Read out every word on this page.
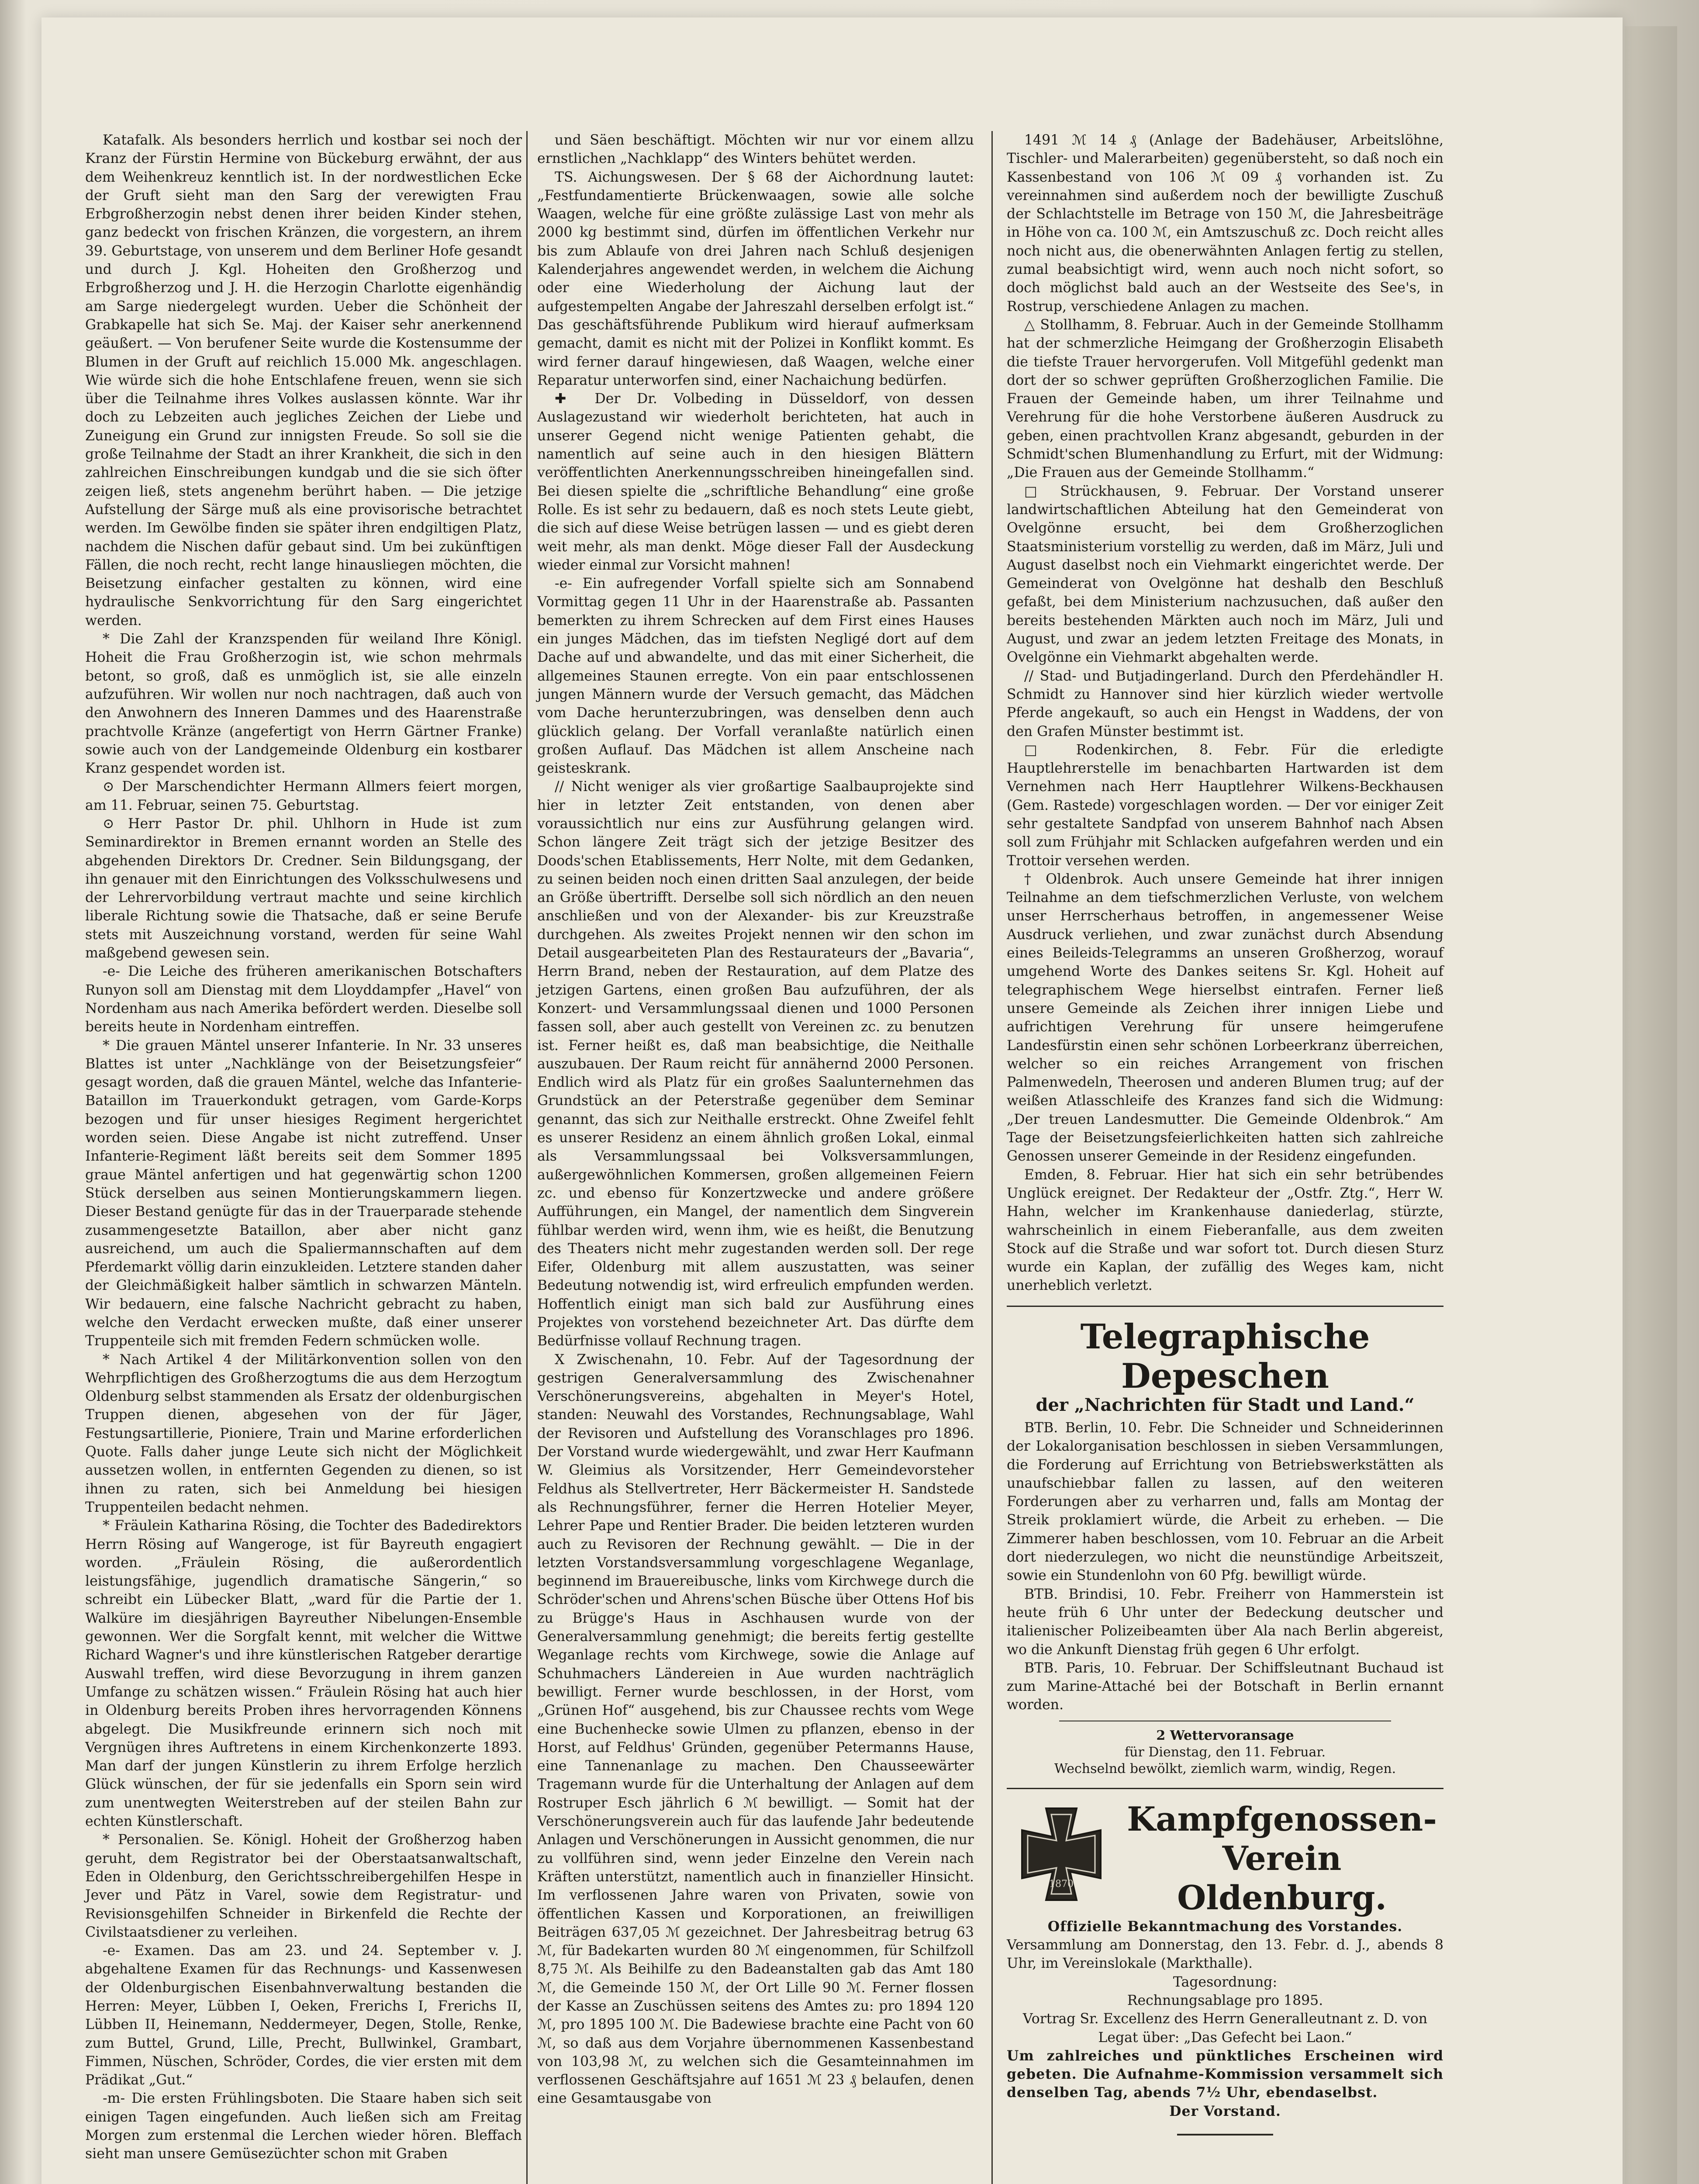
Katafalk. Als besonders herrlich und kostbar sei noch der Kranz der Fürstin Hermine von Bückeburg erwähnt, der aus dem Weihenkreuz kenntlich ist. In der nordwestlichen Ecke der Gruft sieht man den Sarg der verewigten Frau Erbgroßherzogin nebst denen ihrer beiden Kinder stehen, ganz bedeckt von frischen Kränzen, die vorgestern, an ihrem 39. Geburtstage, von unserem und dem Berliner Hofe gesandt und durch J. Kgl. Hoheiten den Großherzog und Erbgroßherzog und J. H. die Herzogin Charlotte eigenhändig am Sarge niedergelegt wurden. Ueber die Schönheit der Grabkapelle hat sich Se. Maj. der Kaiser sehr anerkennend geäußert. — Von berufener Seite wurde die Kostensumme der Blumen in der Gruft auf reichlich 15.000 Mk. angeschlagen. Wie würde sich die hohe Entschlafene freuen, wenn sie sich über die Teilnahme ihres Volkes auslassen könnte. War ihr doch zu Lebzeiten auch jegliches Zeichen der Liebe und Zuneigung ein Grund zur innigsten Freude. So soll sie die große Teilnahme der Stadt an ihrer Krankheit, die sich in den zahlreichen Einschreibungen kundgab und die sie sich öfter zeigen ließ, stets angenehm berührt haben. — Die jetzige Aufstellung der Särge muß als eine provisorische betrachtet werden. Im Gewölbe finden sie später ihren endgiltigen Platz, nachdem die Nischen dafür gebaut sind. Um bei zukünftigen Fällen, die noch recht, recht lange hinausliegen möchten, die Beisetzung einfacher gestalten zu können, wird eine hydraulische Senkvorrichtung für den Sarg eingerichtet werden.

* Die Zahl der Kranzspenden für weiland Ihre Königl. Hoheit die Frau Großherzogin ist, wie schon mehrmals betont, so groß, daß es unmöglich ist, sie alle einzeln aufzuführen. Wir wollen nur noch nachtragen, daß auch von den Anwohnern des Inneren Dammes und des Haarenstraße prachtvolle Kränze (angefertigt von Herrn Gärtner Franke) sowie auch von der Landgemeinde Oldenburg ein kostbarer Kranz gespendet worden ist.

⊙ Der Marschendichter Hermann Allmers feiert morgen, am 11. Februar, seinen 75. Geburtstag.

⊙ Herr Pastor Dr. phil. Uhlhorn in Hude ist zum Seminardirektor in Bremen ernannt worden an Stelle des abgehenden Direktors Dr. Credner. Sein Bildungsgang, der ihn genauer mit den Einrichtungen des Volksschulwesens und der Lehrervorbildung vertraut machte und seine kirchlich liberale Richtung sowie die Thatsache, daß er seine Berufe stets mit Auszeichnung vorstand, werden für seine Wahl maßgebend gewesen sein.

-e- Die Leiche des früheren amerikanischen Botschafters Runyon soll am Dienstag mit dem Lloyddampfer „Havel“ von Nordenham aus nach Amerika befördert werden. Dieselbe soll bereits heute in Nordenham eintreffen.

* Die grauen Mäntel unserer Infanterie. In Nr. 33 unseres Blattes ist unter „Nachklänge von der Beisetzungsfeier“ gesagt worden, daß die grauen Mäntel, welche das Infanterie-Bataillon im Trauerkondukt getragen, vom Garde-Korps bezogen und für unser hiesiges Regiment hergerichtet worden seien. Diese Angabe ist nicht zutreffend. Unser Infanterie-Regiment läßt bereits seit dem Sommer 1895 graue Mäntel anfertigen und hat gegenwärtig schon 1200 Stück derselben aus seinen Montierungskammern liegen. Dieser Bestand genügte für das in der Trauerparade stehende zusammengesetzte Bataillon, aber aber nicht ganz ausreichend, um auch die Spaliermannschaften auf dem Pferdemarkt völlig darin einzukleiden. Letztere standen daher der Gleichmäßigkeit halber sämtlich in schwarzen Mänteln. Wir bedauern, eine falsche Nachricht gebracht zu haben, welche den Verdacht erwecken mußte, daß einer unserer Truppenteile sich mit fremden Federn schmücken wolle.

* Nach Artikel 4 der Militärkonvention sollen von den Wehrpflichtigen des Großherzogtums die aus dem Herzogtum Oldenburg selbst stammenden als Ersatz der oldenburgischen Truppen dienen, abgesehen von der für Jäger, Festungsartillerie, Pioniere, Train und Marine erforderlichen Quote. Falls daher junge Leute sich nicht der Möglichkeit aussetzen wollen, in entfernten Gegenden zu dienen, so ist ihnen zu raten, sich bei Anmeldung bei hiesigen Truppenteilen bedacht nehmen.

* Fräulein Katharina Rösing, die Tochter des Badedirektors Herrn Rösing auf Wangeroge, ist für Bayreuth engagiert worden. „Fräulein Rösing, die außerordentlich leistungsfähige, jugendlich dramatische Sängerin,“ so schreibt ein Lübecker Blatt, „ward für die Partie der 1. Walküre im diesjährigen Bayreuther Nibelungen-Ensemble gewonnen. Wer die Sorgfalt kennt, mit welcher die Wittwe Richard Wagner's und ihre künstlerischen Ratgeber derartige Auswahl treffen, wird diese Bevorzugung in ihrem ganzen Umfange zu schätzen wissen.“ Fräulein Rösing hat auch hier in Oldenburg bereits Proben ihres hervorragenden Könnens abgelegt. Die Musikfreunde erinnern sich noch mit Vergnügen ihres Auftretens in einem Kirchenkonzerte 1893. Man darf der jungen Künstlerin zu ihrem Erfolge herzlich Glück wünschen, der für sie jedenfalls ein Sporn sein wird zum unentwegten Weiterstreben auf der steilen Bahn zur echten Künstlerschaft.

* Personalien. Se. Königl. Hoheit der Großherzog haben geruht, dem Registrator bei der Oberstaatsanwaltschaft, Eden in Oldenburg, den Gerichtsschreibergehilfen Hespe in Jever und Pätz in Varel, sowie dem Registratur- und Revisionsgehilfen Schneider in Birkenfeld die Rechte der Civilstaatsdiener zu verleihen.

-e- Examen. Das am 23. und 24. September v. J. abgehaltene Examen für das Rechnungs- und Kassenwesen der Oldenburgischen Eisenbahnverwaltung bestanden die Herren: Meyer, Lübben I, Oeken, Frerichs I, Frerichs II, Lübben II, Heinemann, Neddermeyer, Degen, Stolle, Renke, zum Buttel, Grund, Lille, Precht, Bullwinkel, Grambart, Fimmen, Nüschen, Schröder, Cordes, die vier ersten mit dem Prädikat „Gut.“

-m- Die ersten Frühlingsboten. Die Staare haben sich seit einigen Tagen eingefunden. Auch ließen sich am Freitag Morgen zum erstenmal die Lerchen wieder hören. Bleffach sieht man unsere Gemüsezüchter schon mit Graben

und Säen beschäftigt. Möchten wir nur vor einem allzu ernstlichen „Nachklapp“ des Winters behütet werden.

TS. Aichungswesen. Der § 68 der Aichordnung lautet: „Festfundamentierte Brückenwaagen, sowie alle solche Waagen, welche für eine größte zulässige Last von mehr als 2000 kg bestimmt sind, dürfen im öffentlichen Verkehr nur bis zum Ablaufe von drei Jahren nach Schluß desjenigen Kalenderjahres angewendet werden, in welchem die Aichung oder eine Wiederholung der Aichung laut der aufgestempelten Angabe der Jahreszahl derselben erfolgt ist.“ Das geschäftsführende Publikum wird hierauf aufmerksam gemacht, damit es nicht mit der Polizei in Konflikt kommt. Es wird ferner darauf hingewiesen, daß Waagen, welche einer Reparatur unterworfen sind, einer Nachaichung bedürfen.

✚ Der Dr. Volbeding in Düsseldorf, von dessen Auslagezustand wir wiederholt berichteten, hat auch in unserer Gegend nicht wenige Patienten gehabt, die namentlich auf seine auch in den hiesigen Blättern veröffentlichten Anerkennungsschreiben hineingefallen sind. Bei diesen spielte die „schriftliche Behandlung“ eine große Rolle. Es ist sehr zu bedauern, daß es noch stets Leute giebt, die sich auf diese Weise betrügen lassen — und es giebt deren weit mehr, als man denkt. Möge dieser Fall der Ausdeckung wieder einmal zur Vorsicht mahnen!

-e- Ein aufregender Vorfall spielte sich am Sonnabend Vormittag gegen 11 Uhr in der Haarenstraße ab. Passanten bemerkten zu ihrem Schrecken auf dem First eines Hauses ein junges Mädchen, das im tiefsten Negligé dort auf dem Dache auf und abwandelte, und das mit einer Sicherheit, die allgemeines Staunen erregte. Von ein paar entschlossenen jungen Männern wurde der Versuch gemacht, das Mädchen vom Dache herunterzubringen, was denselben denn auch glücklich gelang. Der Vorfall veranlaßte natürlich einen großen Auflauf. Das Mädchen ist allem Anscheine nach geisteskrank.

// Nicht weniger als vier großartige Saalbauprojekte sind hier in letzter Zeit entstanden, von denen aber voraussichtlich nur eins zur Ausführung gelangen wird. Schon längere Zeit trägt sich der jetzige Besitzer des Doods'schen Etablissements, Herr Nolte, mit dem Gedanken, zu seinen beiden noch einen dritten Saal anzulegen, der beide an Größe übertrifft. Derselbe soll sich nördlich an den neuen anschließen und von der Alexander- bis zur Kreuzstraße durchgehen. Als zweites Projekt nennen wir den schon im Detail ausgearbeiteten Plan des Restaurateurs der „Bavaria“, Herrn Brand, neben der Restauration, auf dem Platze des jetzigen Gartens, einen großen Bau aufzuführen, der als Konzert- und Versammlungssaal dienen und 1000 Personen fassen soll, aber auch gestellt von Vereinen zc. zu benutzen ist. Ferner heißt es, daß man beabsichtige, die Neithalle auszubauen. Der Raum reicht für annähernd 2000 Personen. Endlich wird als Platz für ein großes Saalunternehmen das Grundstück an der Peterstraße gegenüber dem Seminar genannt, das sich zur Neithalle erstreckt. Ohne Zweifel fehlt es unserer Residenz an einem ähnlich großen Lokal, einmal als Versammlungssaal bei Volksversammlungen, außergewöhnlichen Kommersen, großen allgemeinen Feiern zc. und ebenso für Konzertzwecke und andere größere Aufführungen, ein Mangel, der namentlich dem Singverein fühlbar werden wird, wenn ihm, wie es heißt, die Benutzung des Theaters nicht mehr zugestanden werden soll. Der rege Eifer, Oldenburg mit allem auszustatten, was seiner Bedeutung notwendig ist, wird erfreulich empfunden werden. Hoffentlich einigt man sich bald zur Ausführung eines Projektes von vorstehend bezeichneter Art. Das dürfte dem Bedürfnisse vollauf Rechnung tragen.

X Zwischenahn, 10. Febr. Auf der Tagesordnung der gestrigen Generalversammlung des Zwischenahner Verschönerungsvereins, abgehalten in Meyer's Hotel, standen: Neuwahl des Vorstandes, Rechnungsablage, Wahl der Revisoren und Aufstellung des Voranschlages pro 1896. Der Vorstand wurde wiedergewählt, und zwar Herr Kaufmann W. Gleimius als Vorsitzender, Herr Gemeindevorsteher Feldhus als Stellvertreter, Herr Bäckermeister H. Sandstede als Rechnungsführer, ferner die Herren Hotelier Meyer, Lehrer Pape und Rentier Brader. Die beiden letzteren wurden auch zu Revisoren der Rechnung gewählt. — Die in der letzten Vorstandsversammlung vorgeschlagene Weganlage, beginnend im Brauereibusche, links vom Kirchwege durch die Schröder'schen und Ahrens'schen Büsche über Ottens Hof bis zu Brügge's Haus in Aschhausen wurde von der Generalversammlung genehmigt; die bereits fertig gestellte Weganlage rechts vom Kirchwege, sowie die Anlage auf Schuhmachers Ländereien in Aue wurden nachträglich bewilligt. Ferner wurde beschlossen, in der Horst, vom „Grünen Hof“ ausgehend, bis zur Chaussee rechts vom Wege eine Buchenhecke sowie Ulmen zu pflanzen, ebenso in der Horst, auf Feldhus' Gründen, gegenüber Petermanns Hause, eine Tannenanlage zu machen. Den Chausseewärter Tragemann wurde für die Unterhaltung der Anlagen auf dem Rostruper Esch jährlich 6 ℳ bewilligt. — Somit hat der Verschönerungsverein auch für das laufende Jahr bedeutende Anlagen und Verschönerungen in Aussicht genommen, die nur zu vollführen sind, wenn jeder Einzelne den Verein nach Kräften unterstützt, namentlich auch in finanzieller Hinsicht. Im verflossenen Jahre waren von Privaten, sowie von öffentlichen Kassen und Korporationen, an freiwilligen Beiträgen 637,05 ℳ gezeichnet. Der Jahresbeitrag betrug 63 ℳ, für Badekarten wurden 80 ℳ eingenommen, für Schilfzoll 8,75 ℳ. Als Beihilfe zu den Badeanstalten gab das Amt 180 ℳ, die Gemeinde 150 ℳ, der Ort Lille 90 ℳ. Ferner flossen der Kasse an Zuschüssen seitens des Amtes zu: pro 1894 120 ℳ, pro 1895 100 ℳ. Die Badewiese brachte eine Pacht von 60 ℳ, so daß aus dem Vorjahre übernommenen Kassenbestand von 103,98 ℳ, zu welchen sich die Gesamteinnahmen im verflossenen Geschäftsjahre auf 1651 ℳ 23 ₰ belaufen, denen eine Gesamtausgabe von

1491 ℳ 14 ₰ (Anlage der Badehäuser, Arbeitslöhne, Tischler- und Malerarbeiten) gegenübersteht, so daß noch ein Kassenbestand von 106 ℳ 09 ₰ vorhanden ist. Zu vereinnahmen sind außerdem noch der bewilligte Zuschuß der Schlachtstelle im Betrage von 150 ℳ, die Jahresbeiträge in Höhe von ca. 100 ℳ, ein Amtszuschuß zc. Doch reicht alles noch nicht aus, die obenerwähnten Anlagen fertig zu stellen, zumal beabsichtigt wird, wenn auch noch nicht sofort, so doch möglichst bald auch an der Westseite des See's, in Rostrup, verschiedene Anlagen zu machen.

△ Stollhamm, 8. Februar. Auch in der Gemeinde Stollhamm hat der schmerzliche Heimgang der Großherzogin Elisabeth die tiefste Trauer hervorgerufen. Voll Mitgefühl gedenkt man dort der so schwer geprüften Großherzoglichen Familie. Die Frauen der Gemeinde haben, um ihrer Teilnahme und Verehrung für die hohe Verstorbene äußeren Ausdruck zu geben, einen prachtvollen Kranz abgesandt, geburden in der Schmidt'schen Blumenhandlung zu Erfurt, mit der Widmung: „Die Frauen aus der Gemeinde Stollhamm.“

□ Strückhausen, 9. Februar. Der Vorstand unserer landwirtschaftlichen Abteilung hat den Gemeinderat von Ovelgönne ersucht, bei dem Großherzoglichen Staatsministerium vorstellig zu werden, daß im März, Juli und August daselbst noch ein Viehmarkt eingerichtet werde. Der Gemeinderat von Ovelgönne hat deshalb den Beschluß gefaßt, bei dem Ministerium nachzusuchen, daß außer den bereits bestehenden Märkten auch noch im März, Juli und August, und zwar an jedem letzten Freitage des Monats, in Ovelgönne ein Viehmarkt abgehalten werde.

// Stad- und Butjadingerland. Durch den Pferdehändler H. Schmidt zu Hannover sind hier kürzlich wieder wertvolle Pferde angekauft, so auch ein Hengst in Waddens, der von den Grafen Münster bestimmt ist.

□ Rodenkirchen, 8. Febr. Für die erledigte Hauptlehrerstelle im benachbarten Hartwarden ist dem Vernehmen nach Herr Hauptlehrer Wilkens-Beckhausen (Gem. Rastede) vorgeschlagen worden. — Der vor einiger Zeit sehr gestaltete Sandpfad von unserem Bahnhof nach Absen soll zum Frühjahr mit Schlacken aufgefahren werden und ein Trottoir versehen werden.

† Oldenbrok. Auch unsere Gemeinde hat ihrer innigen Teilnahme an dem tiefschmerzlichen Verluste, von welchem unser Herrscherhaus betroffen, in angemessener Weise Ausdruck verliehen, und zwar zunächst durch Absendung eines Beileids-Telegramms an unseren Großherzog, worauf umgehend Worte des Dankes seitens Sr. Kgl. Hoheit auf telegraphischem Wege hierselbst eintrafen. Ferner ließ unsere Gemeinde als Zeichen ihrer innigen Liebe und aufrichtigen Verehrung für unsere heimgerufene Landesfürstin einen sehr schönen Lorbeerkranz überreichen, welcher so ein reiches Arrangement von frischen Palmenwedeln, Theerosen und anderen Blumen trug; auf der weißen Atlasschleife des Kranzes fand sich die Widmung: „Der treuen Landesmutter. Die Gemeinde Oldenbrok.“ Am Tage der Beisetzungsfeierlichkeiten hatten sich zahlreiche Genossen unserer Gemeinde in der Residenz eingefunden.

Emden, 8. Februar. Hier hat sich ein sehr betrübendes Unglück ereignet. Der Redakteur der „Ostfr. Ztg.“, Herr W. Hahn, welcher im Krankenhause daniederlag, stürzte, wahrscheinlich in einem Fieberanfalle, aus dem zweiten Stock auf die Straße und war sofort tot. Durch diesen Sturz wurde ein Kaplan, der zufällig des Weges kam, nicht unerheblich verletzt.

Telegraphische Depeschen

der „Nachrichten für Stadt und Land.“

BTB. Berlin, 10. Febr. Die Schneider und Schneiderinnen der Lokalorganisation beschlossen in sieben Versammlungen, die Forderung auf Errichtung von Betriebswerkstätten als unaufschiebbar fallen zu lassen, auf den weiteren Forderungen aber zu verharren und, falls am Montag der Streik proklamiert würde, die Arbeit zu erheben. — Die Zimmerer haben beschlossen, vom 10. Februar an die Arbeit dort niederzulegen, wo nicht die neunstündige Arbeitszeit, sowie ein Stundenlohn von 60 Pfg. bewilligt würde.

BTB. Brindisi, 10. Febr. Freiherr von Hammerstein ist heute früh 6 Uhr unter der Bedeckung deutscher und italienischer Polizeibeamten über Ala nach Berlin abgereist, wo die Ankunft Dienstag früh gegen 6 Uhr erfolgt.

BTB. Paris, 10. Februar. Der Schiffsleutnant Buchaud ist zum Marine-Attaché bei der Botschaft in Berlin ernannt worden.

2 Wettervoransage

für Dienstag, den 11. Februar.

Wechselnd bewölkt, ziemlich warm, windig, Regen.

1870

Kampfgenossen-Verein Oldenburg.

Offizielle Bekanntmachung des Vorstandes.

Versammlung am Donnerstag, den 13. Febr. d. J., abends 8 Uhr, im Vereinslokale (Markthalle).

Tagesordnung:

Rechnungsablage pro 1895.

Vortrag Sr. Excellenz des Herrn Generalleutnant z. D. von Legat über: „Das Gefecht bei Laon.“

Um zahlreiches und pünktliches Erscheinen wird gebeten. Die Aufnahme-Kommission versammelt sich denselben Tag, abends 7½ Uhr, ebendaselbst.

Der Vorstand.
